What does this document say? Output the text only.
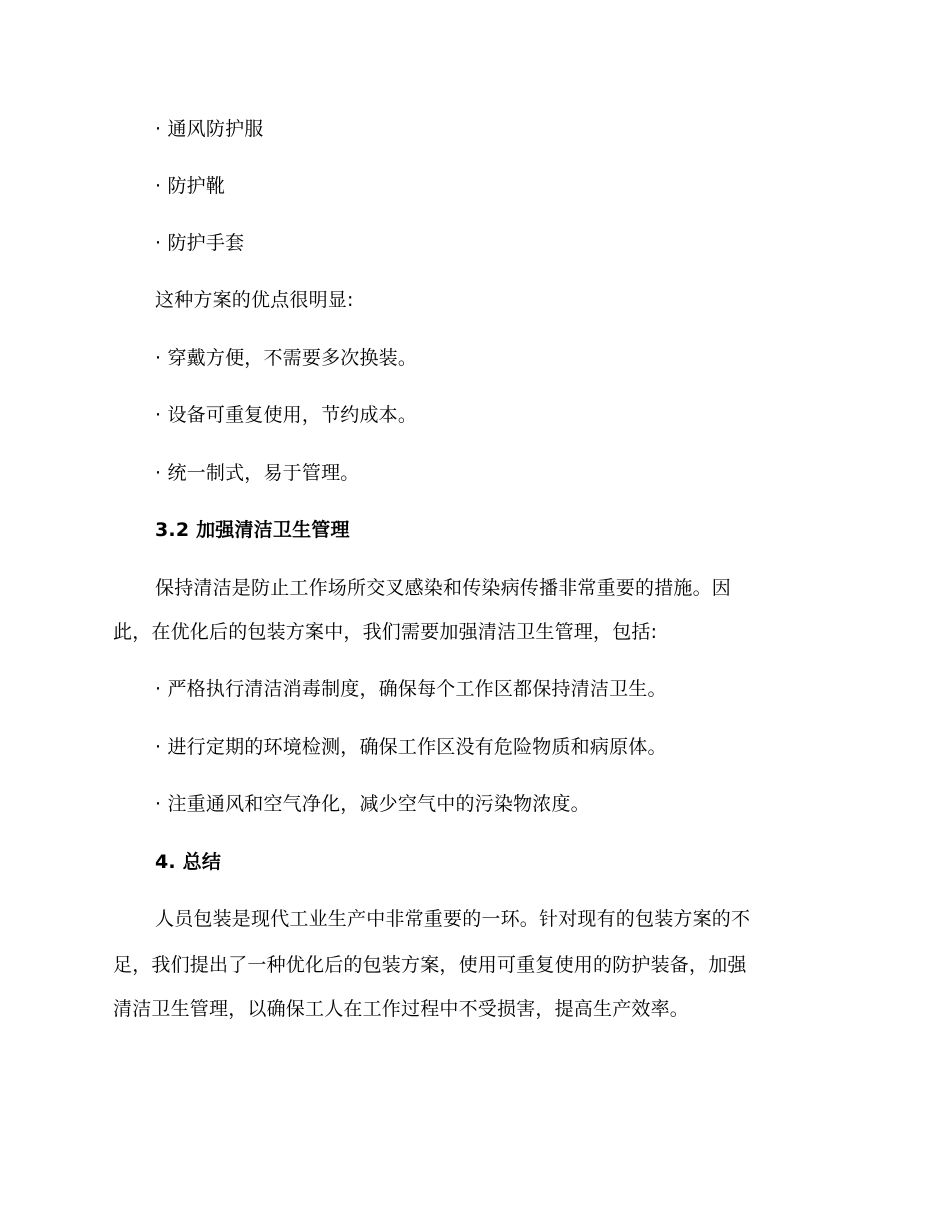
· 通风防护服
· 防护靴
· 防护手套
这种方案的优点很明显:
· 穿戴方便，不需要多次换装。
· 设备可重复使用，节约成本。
· 统一制式，易于管理。
3.2 加强清洁卫生管理
保持清洁是防止工作场所交叉感染和传染病传播非常重要的措施。因
此，在优化后的包装方案中，我们需要加强清洁卫生管理，包括:
· 严格执行清洁消毒制度，确保每个工作区都保持清洁卫生。
· 进行定期的环境检测，确保工作区没有危险物质和病原体。
· 注重通风和空气净化，减少空气中的污染物浓度。
4. 总结
人员包装是现代工业生产中非常重要的一环。针对现有的包装方案的不
足，我们提出了一种优化后的包装方案，使用可重复使用的防护装备，加强
清洁卫生管理，以确保工人在工作过程中不受损害，提高生产效率。
